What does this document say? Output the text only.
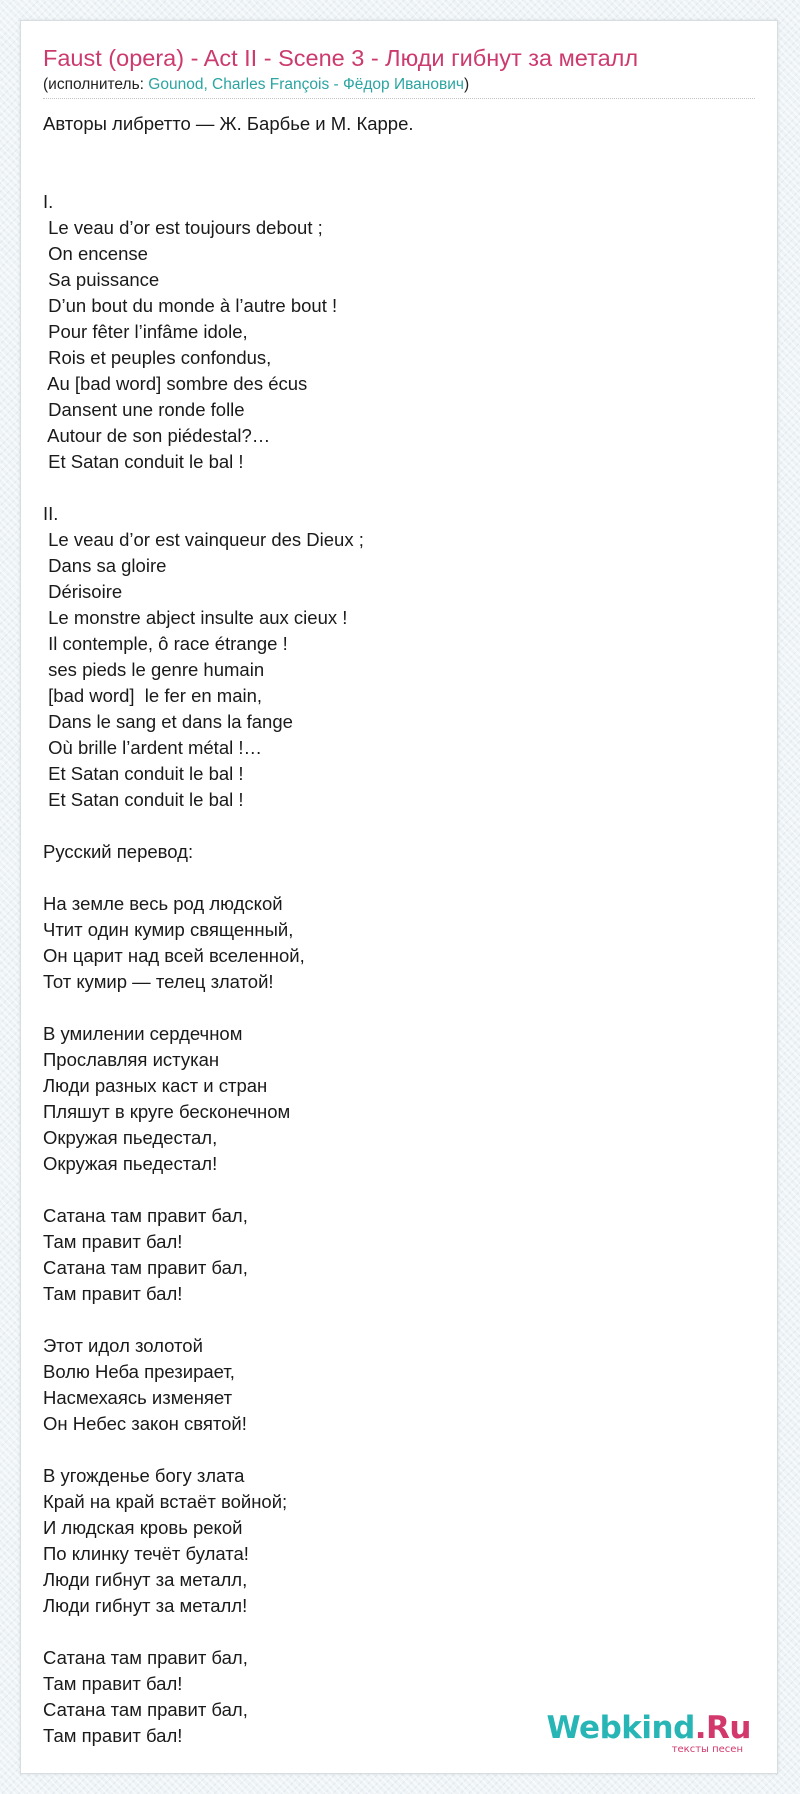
Faust (opera) - Act II - Scene 3 - Люди гибнут за металл
(исполнитель: Gounod, Charles François - Фёдор Иванович)
Авторы либретто — Ж. Барбье и М. Карре.

I.
Le veau d’or est toujours debout ;
On encense
Sa puissance
D’un bout du monde à l’autre bout !
Pour fêter l’infâme idole,
Rois et peuples confondus,
Au [bad word] sombre des écus
Dansent une ronde folle
Autour de son piédestal?…
Et Satan conduit le bal !

II.
Le veau d’or est vainqueur des Dieux ;
Dans sa gloire
Dérisoire
Le monstre abject insulte aux cieux !
Il contemple, ô race étrange !
ses pieds le genre humain
[bad word]  le fer en main,
Dans le sang et dans la fange
Où brille l’ardent métal !…
Et Satan conduit le bal !
Et Satan conduit le bal !

Русский перевод:

На земле весь род людской
Чтит один кумир священный,
Он царит над всей вселенной,
Тот кумир — телец златой!

В умилении сердечном
Прославляя истукан
Люди разных каст и стран
Пляшут в круге бесконечном
Окружая пьедестал,
Окружая пьедестал!

Сатана там правит бал,
Там правит бал!
Сатана там правит бал,
Там правит бал!

Этот идол золотой
Волю Неба презирает,
Насмехаясь изменяет
Он Небес закон святой!

В угожденье богу злата
Край на край встаёт войной;
И людская кровь рекой
По клинку течёт булата!
Люди гибнут за металл,
Люди гибнут за металл!

Сатана там правит бал,
Там правит бал!
Сатана там правит бал,
Там правит бал!	Webkind.Ru
тексты песен
